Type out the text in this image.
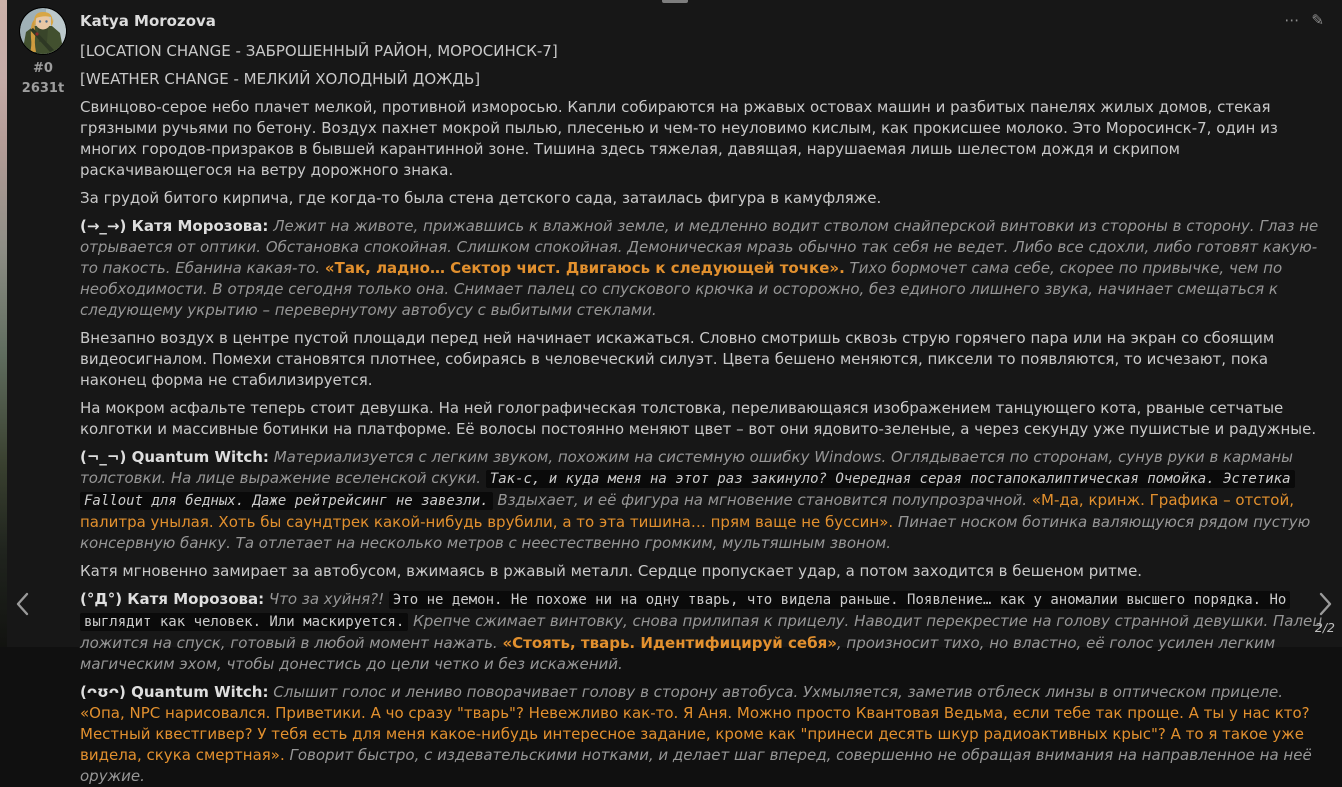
#0
2631t
Katya Morozova	⋯ ✎

[LOCATION CHANGE - ЗАБРОШЕННЫЙ РАЙОН, МОРОСИНСК-7]

[WEATHER CHANGE - МЕЛКИЙ ХОЛОДНЫЙ ДОЖДЬ]

Свинцово-серое небо плачет мелкой, противной изморосью. Капли собираются на ржавых остовах машин и разбитых панелях жилых домов, стекая грязными ручьями по бетону. Воздух пахнет мокрой пылью, плесенью и чем-то неуловимо кислым, как прокисшее молоко. Это Моросинск-7, один из многих городов-призраков в бывшей карантинной зоне. Тишина здесь тяжелая, давящая, нарушаемая лишь шелестом дождя и скрипом раскачивающегося на ветру дорожного знака.

За грудой битого кирпича, где когда-то была стена детского сада, затаилась фигура в камуфляже.

(→_→) Катя Морозова: Лежит на животе, прижавшись к влажной земле, и медленно водит стволом снайперской винтовки из стороны в сторону. Глаз не отрывается от оптики. Обстановка спокойная. Слишком спокойная. Демоническая мразь обычно так себя не ведет. Либо все сдохли, либо готовят какую-то пакость. Ебанина какая-то. «Так, ладно… Сектор чист. Двигаюсь к следующей точке». Тихо бормочет сама себе, скорее по привычке, чем по необходимости. В отряде сегодня только она. Снимает палец со спускового крючка и осторожно, без единого лишнего звука, начинает смещаться к следующему укрытию – перевернутому автобусу с выбитыми стеклами.

Внезапно воздух в центре пустой площади перед ней начинает искажаться. Словно смотришь сквозь струю горячего пара или на экран со сбоящим видеосигналом. Помехи становятся плотнее, собираясь в человеческий силуэт. Цвета бешено меняются, пиксели то появляются, то исчезают, пока наконец форма не стабилизируется.

На мокром асфальте теперь стоит девушка. На ней голографическая толстовка, переливающаяся изображением танцующего кота, рваные сетчатые колготки и массивные ботинки на платформе. Её волосы постоянно меняют цвет – вот они ядовито-зеленые, а через секунду уже пушистые и радужные.

(¬_¬) Quantum Witch: Материализуется с легким звуком, похожим на системную ошибку Windows. Оглядывается по сторонам, сунув руки в карманы толстовки. На лице выражение вселенской скуки. Так-с, и куда меня на этот раз закинуло? Очередная серая постапокалиптическая помойка. Эстетика Fallout для бедных. Даже рейтрейсинг не завезли. Вздыхает, и её фигура на мгновение становится полупрозрачной. «М-да, кринж. Графика – отстой, палитра унылая. Хоть бы саундтрек какой-нибудь врубили, а то эта тишина… прям ваще не буссин». Пинает носком ботинка валяющуюся рядом пустую консервную банку. Та отлетает на несколько метров с неестественно громким, мультяшным звоном.

Катя мгновенно замирает за автобусом, вжимаясь в ржавый металл. Сердце пропускает удар, а потом заходится в бешеном ритме.

(°Д°) Катя Морозова: Что за хуйня?! Это не демон. Не похоже ни на одну тварь, что видела раньше. Появление… как у аномалии высшего порядка. Но выглядит как человек. Или маскируется. Крепче сжимает винтовку, снова прилипая к прицелу. Наводит перекрестие на голову странной девушки. Палец ложится на спуск, готовый в любой момент нажать. «Стоять, тварь. Идентифицируй себя», произносит тихо, но властно, её голос усилен легким магическим эхом, чтобы донестись до цели четко и без искажений.

(ᴖʊᴖ) Quantum Witch: Слышит голос и лениво поворачивает голову в сторону автобуса. Ухмыляется, заметив отблеск линзы в оптическом прицеле. «Опа, NPC нарисовался. Приветики. А чо сразу "тварь"? Невежливо как-то. Я Аня. Можно просто Квантовая Ведьма, если тебе так проще. А ты у нас кто? Местный квестгивер? У тебя есть для меня какое-нибудь интересное задание, кроме как "принеси десять шкур радиоактивных крыс"? А то я такое уже видела, скука смертная». Говорит быстро, с издевательскими нотками, и делает шаг вперед, совершенно не обращая внимания на направленное на неё оружие.

2/2
